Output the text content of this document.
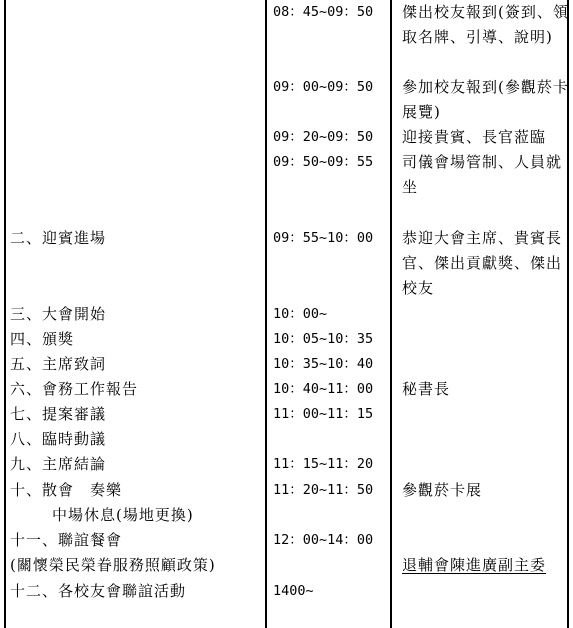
08：45~09：50
09：00~09：50
09：20~09：50
09：50~09：55
09：55~10：00
10：00~
10：05~10：35
10：35~10：40
10：40~11：00
11：00~11：15
11：15~11：20
11：20~11：50
12：00~14：00
1400~
傑出校友報到(簽到、領取名牌、引導、說明)
參加校友報到(參觀菸卡展覽)
迎接貴賓、長官蒞臨
司儀會場管制、人員就坐
恭迎大會主席、貴賓長官、傑出貢獻獎、傑出校友
秘書長
參觀菸卡展
退輔會陳進廣副主委
二、迎賓進場
三、大會開始
四、頒獎
五、主席致詞
六、會務工作報告
七、提案審議
八、臨時動議
九、主席結論
十、散會　奏樂
　中場休息(場地更換)
十一、聯誼餐會
(關懷榮民榮眷服務照顧政策)
十二、各校友會聯誼活動
